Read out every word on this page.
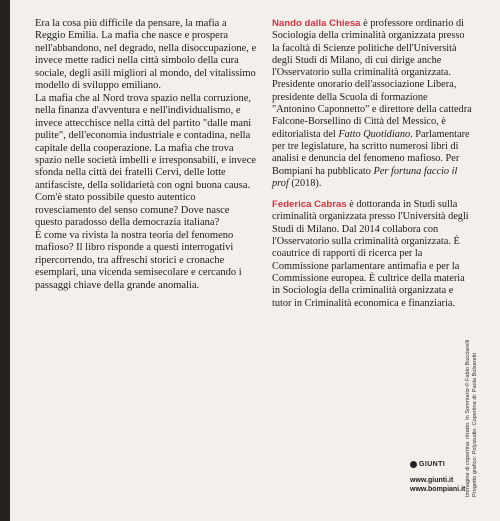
Era la cosa più difficile da pensare, la mafia a Reggio Emilia. La mafia che nasce e prospera nell'abbandono, nel degrado, nella disoccupazione, e invece mette radici nella città simbolo della cura sociale, degli asili migliori al mondo, del vitalissimo modello di sviluppo emiliano.

La mafia che al Nord trova spazio nella corruzione, nella finanza d'avventura e nell'individualismo, e invece attecchisce nella città del partito "dalle mani pulite", dell'economia industriale e contadina, nella capitale della cooperazione. La mafia che trova spazio nelle società imbelli e irresponsabili, e invece sfonda nella città dei fratelli Cervi, delle lotte antifasciste, della solidarietà con ogni buona causa.

Com'è stato possibile questo autentico rovesciamento del senso comune? Dove nasce questo paradosso della democrazia italiana?

È come va rivista la nostra teoria del fenomeno mafioso? Il libro risponde a questi interrogativi ripercorrendo, tra affreschi storici e cronache esemplari, una vicenda semisecolare e cercando i passaggi chiave della grande anomalia.

Nando dalla Chiesa è professore ordinario di Sociologia della criminalità organizzata presso la facoltà di Scienze politiche dell'Università degli Studi di Milano, di cui dirige anche l'Osservatorio sulla criminalità organizzata. Presidente onorario dell'associazione Libera, presidente della Scuola di formazione "Antonino Caponnetto" e direttore della cattedra Falcone-Borsellino di Città del Messico, è editorialista del Fatto Quotidiano. Parlamentare per tre legislature, ha scritto numerosi libri di analisi e denuncia del fenomeno mafioso. Per Bompiani ha pubblicato Per fortuna faccio il prof (2018).

Federica Cabras è dottoranda in Studi sulla criminalità organizzata presso l'Università degli Studi di Milano. Dal 2014 collabora con l'Osservatorio sulla criminalità organizzata. È coautrice di rapporti di ricerca per la Commissione parlamentare antimafia e per la Commissione europea. È cultrice della materia in Sociologia della criminalità organizzata e tutor in Criminalità economica e finanziaria.

Immagine di copertina: ritratto. In Sommario © Fabio Bucciarelli Progetto grafico: Polystudio. Copertina di: Paola Bolsaretti
GIUNTI
www.giunti.it
www.bompiani.it
